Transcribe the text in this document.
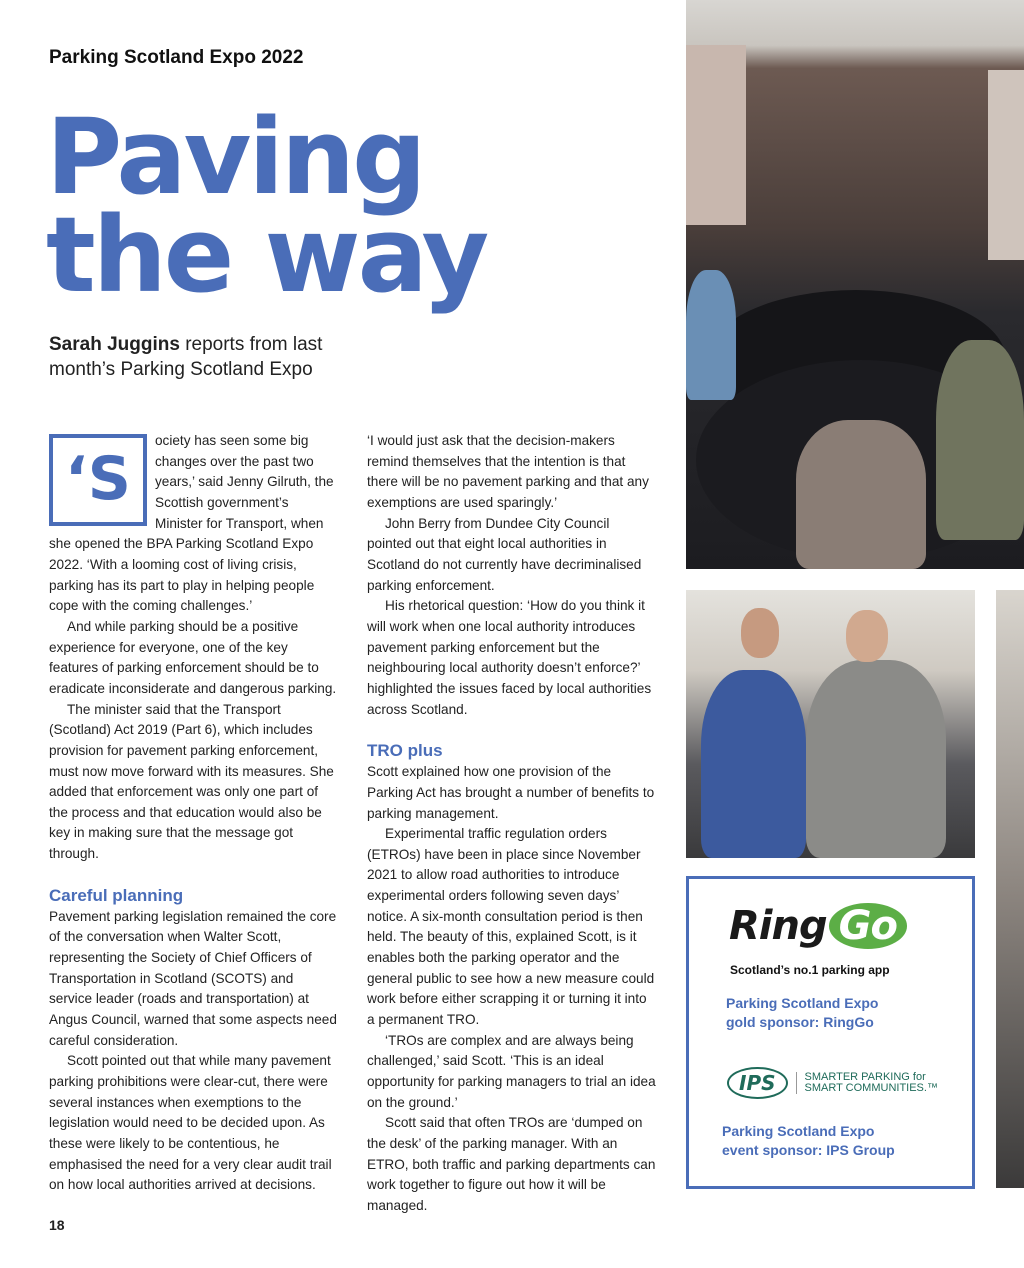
Parking Scotland Expo 2022
Paving
the way
Sarah Juggins reports from last month’s Parking Scotland Expo
‘S

ociety has seen some big changes over the past two years,’ said Jenny Gilruth, the Scottish government’s Minister for Transport, when she opened the BPA Parking Scotland Expo 2022. ‘With a looming cost of living crisis, parking has its part to play in helping people cope with the coming challenges.’

And while parking should be a positive experience for everyone, one of the key features of parking enforcement should be to eradicate inconsiderate and dangerous parking.

The minister said that the Transport (Scotland) Act 2019 (Part 6), which includes provision for pavement parking enforcement, must now move forward with its measures. She added that enforcement was only one part of the process and that education would also be key in making sure that the message got through.

Careful planning

Pavement parking legislation remained the core of the conversation when Walter Scott, representing the Society of Chief Officers of Transportation in Scotland (SCOTS) and service leader (roads and transportation) at Angus Council, warned that some aspects need careful consideration.

Scott pointed out that while many pavement parking prohibitions were clear-cut, there were several instances when exemptions to the legislation would need to be decided upon. As these were likely to be contentious, he emphasised the need for a very clear audit trail on how local authorities arrived at decisions.

‘I would just ask that the decision-makers remind themselves that the intention is that there will be no pavement parking and that any exemptions are used sparingly.’

John Berry from Dundee City Council pointed out that eight local authorities in Scotland do not currently have decriminalised parking enforcement.

His rhetorical question: ‘How do you think it will work when one local authority introduces pavement parking enforcement but the neighbouring local authority doesn’t enforce?’ highlighted the issues faced by local authorities across Scotland.

TRO plus

Scott explained how one provision of the Parking Act has brought a number of benefits to parking management.

Experimental traffic regulation orders (ETROs) have been in place since November 2021 to allow road authorities to introduce experimental orders following seven days’ notice. A six-month consultation period is then held. The beauty of this, explained Scott, is it enables both the parking operator and the general public to see how a new measure could work before either scrapping it or turning it into a permanent TRO.

‘TROs are complex and are always being challenged,’ said Scott. ‘This is an ideal opportunity for parking managers to trial an idea on the ground.’

Scott said that often TROs are ‘dumped on the desk’ of the parking manager. With an ETRO, both traffic and parking departments can work together to figure out how it will be managed.

Ring Go
Scotland’s no.1 parking app
Parking Scotland Expo
gold sponsor: RingGo
IPS	SMARTER PARKING for
SMART COMMUNITIES.™
Parking Scotland Expo
event sponsor: IPS Group
18
